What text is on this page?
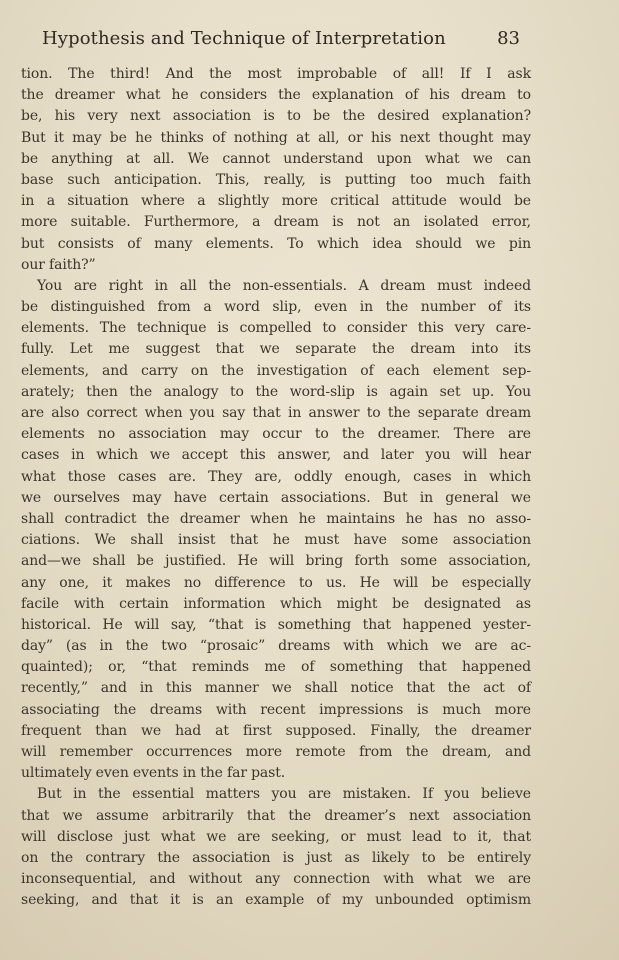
Hypothesis and Technique of Interpretation	83
tion. The third! And the most improbable of all! If I ask
the dreamer what he considers the explanation of his dream to
be, his very next association is to be the desired explanation?
But it may be he thinks of nothing at all, or his next thought may
be anything at all. We cannot understand upon what we can
base such anticipation. This, really, is putting too much faith
in a situation where a slightly more critical attitude would be
more suitable. Furthermore, a dream is not an isolated error,
but consists of many elements. To which idea should we pin
our faith?”
You are right in all the non-essentials. A dream must indeed
be distinguished from a word slip, even in the number of its
elements. The technique is compelled to consider this very care-
fully. Let me suggest that we separate the dream into its
elements, and carry on the investigation of each element sep-
arately; then the analogy to the word-slip is again set up. You
are also correct when you say that in answer to the separate dream
elements no association may occur to the dreamer. There are
cases in which we accept this answer, and later you will hear
what those cases are. They are, oddly enough, cases in which
we ourselves may have certain associations. But in general we
shall contradict the dreamer when he maintains he has no asso-
ciations. We shall insist that he must have some association
and—we shall be justified. He will bring forth some association,
any one, it makes no difference to us. He will be especially
facile with certain information which might be designated as
historical. He will say, “that is something that happened yester-
day” (as in the two “prosaic” dreams with which we are ac-
quainted); or, “that reminds me of something that happened
recently,” and in this manner we shall notice that the act of
associating the dreams with recent impressions is much more
frequent than we had at first supposed. Finally, the dreamer
will remember occurrences more remote from the dream, and
ultimately even events in the far past.
But in the essential matters you are mistaken. If you believe
that we assume arbitrarily that the dreamer’s next association
will disclose just what we are seeking, or must lead to it, that
on the contrary the association is just as likely to be entirely
inconsequential, and without any connection with what we are
seeking, and that it is an example of my unbounded optimism
